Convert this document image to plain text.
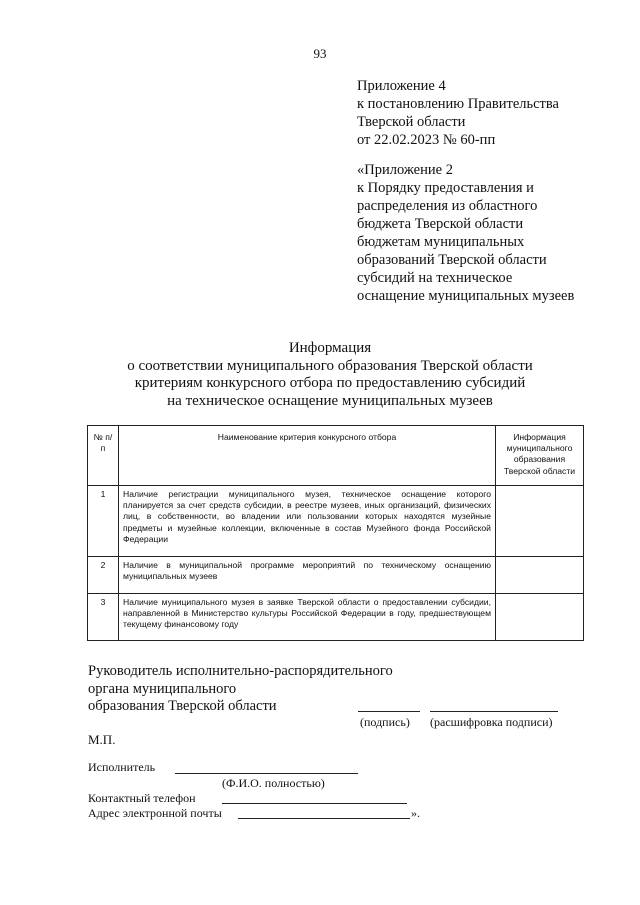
93
Приложение 4
к постановлению Правительства
Тверской области
от 22.02.2023 № 60-пп
«Приложение 2
к Порядку предоставления и
распределения из областного
бюджета Тверской области
бюджетам муниципальных
образований Тверской области
субсидий на техническое
оснащение муниципальных музеев
Информация
о соответствии муниципального образования Тверской области
критериям конкурсного отбора по предоставлению субсидий
на техническое оснащение муниципальных музеев
№ п/п	Наименование критерия конкурсного отбора	Информация муниципального образования Тверской области
1	Наличие регистрации муниципального музея, техническое оснащение которого планируется за счет средств субсидии, в реестре музеев, иных организаций, физических лиц, в собственности, во владении или пользовании которых находятся музейные предметы и музейные коллекции, включенные в состав Музейного фонда Российской Федерации	
2	Наличие в муниципальной программе мероприятий по техническому оснащению муниципальных музеев	
3	Наличие муниципального музея в заявке Тверской области о предоставлении субсидии, направленной в Министерство культуры Российской Федерации в году, предшествующем текущему финансовому году	
Руководитель исполнительно-распорядительного
органа муниципального
образования Тверской области
(подпись) (расшифровка подписи)
М.П.
Исполнитель
(Ф.И.О. полностью)
Контактный телефон
Адрес электронной почты	».
